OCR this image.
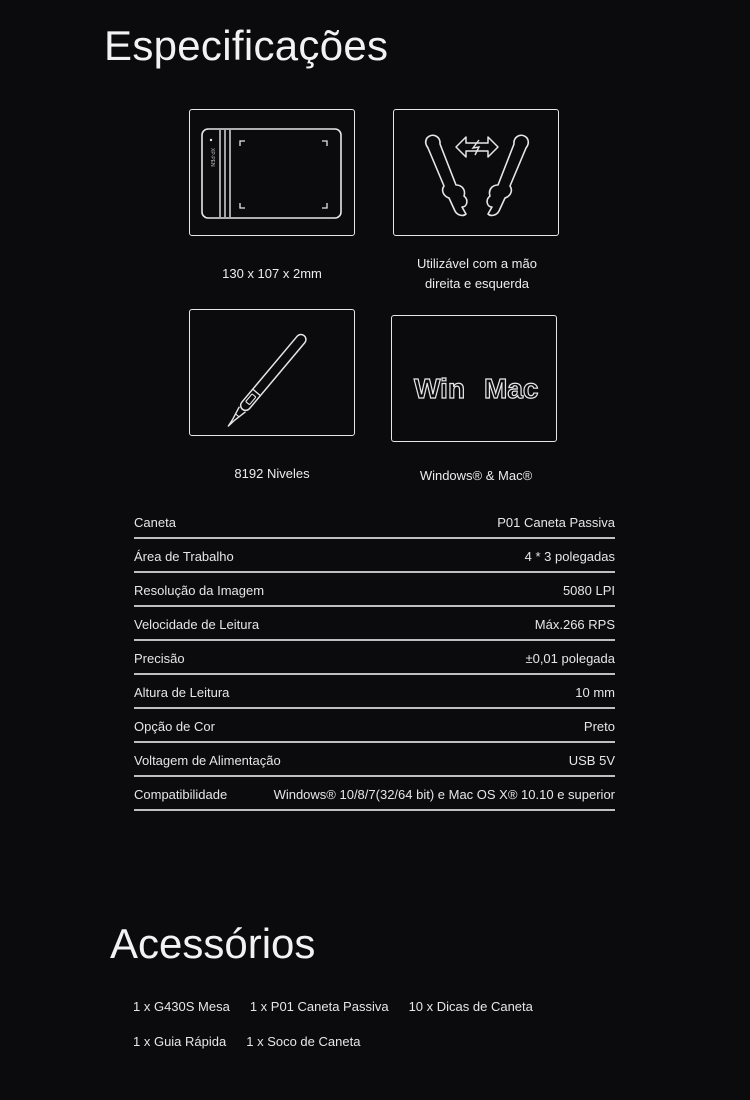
Especificações
XP-PEN
130 x 107 x 2mm
Utilizável com a mão
direita e esquerda
8192 Niveles
Win Mac
Windows® & Mac®
Caneta	P01 Caneta Passiva
Área de Trabalho	4 * 3 polegadas
Resolução da Imagem	5080 LPI
Velocidade de Leitura	Máx.266 RPS
Precisão	±0,01 polegada
Altura de Leitura	10 mm
Opção de Cor	Preto
Voltagem de Alimentação	USB 5V
Compatibilidade	Windows® 10/8/7(32/64 bit) e Mac OS X® 10.10 e superior
Acessórios
1 x G430S Mesa 1 x P01 Caneta Passiva 10 x Dicas de Caneta
1 x Guia Rápida 1 x Soco de Caneta
